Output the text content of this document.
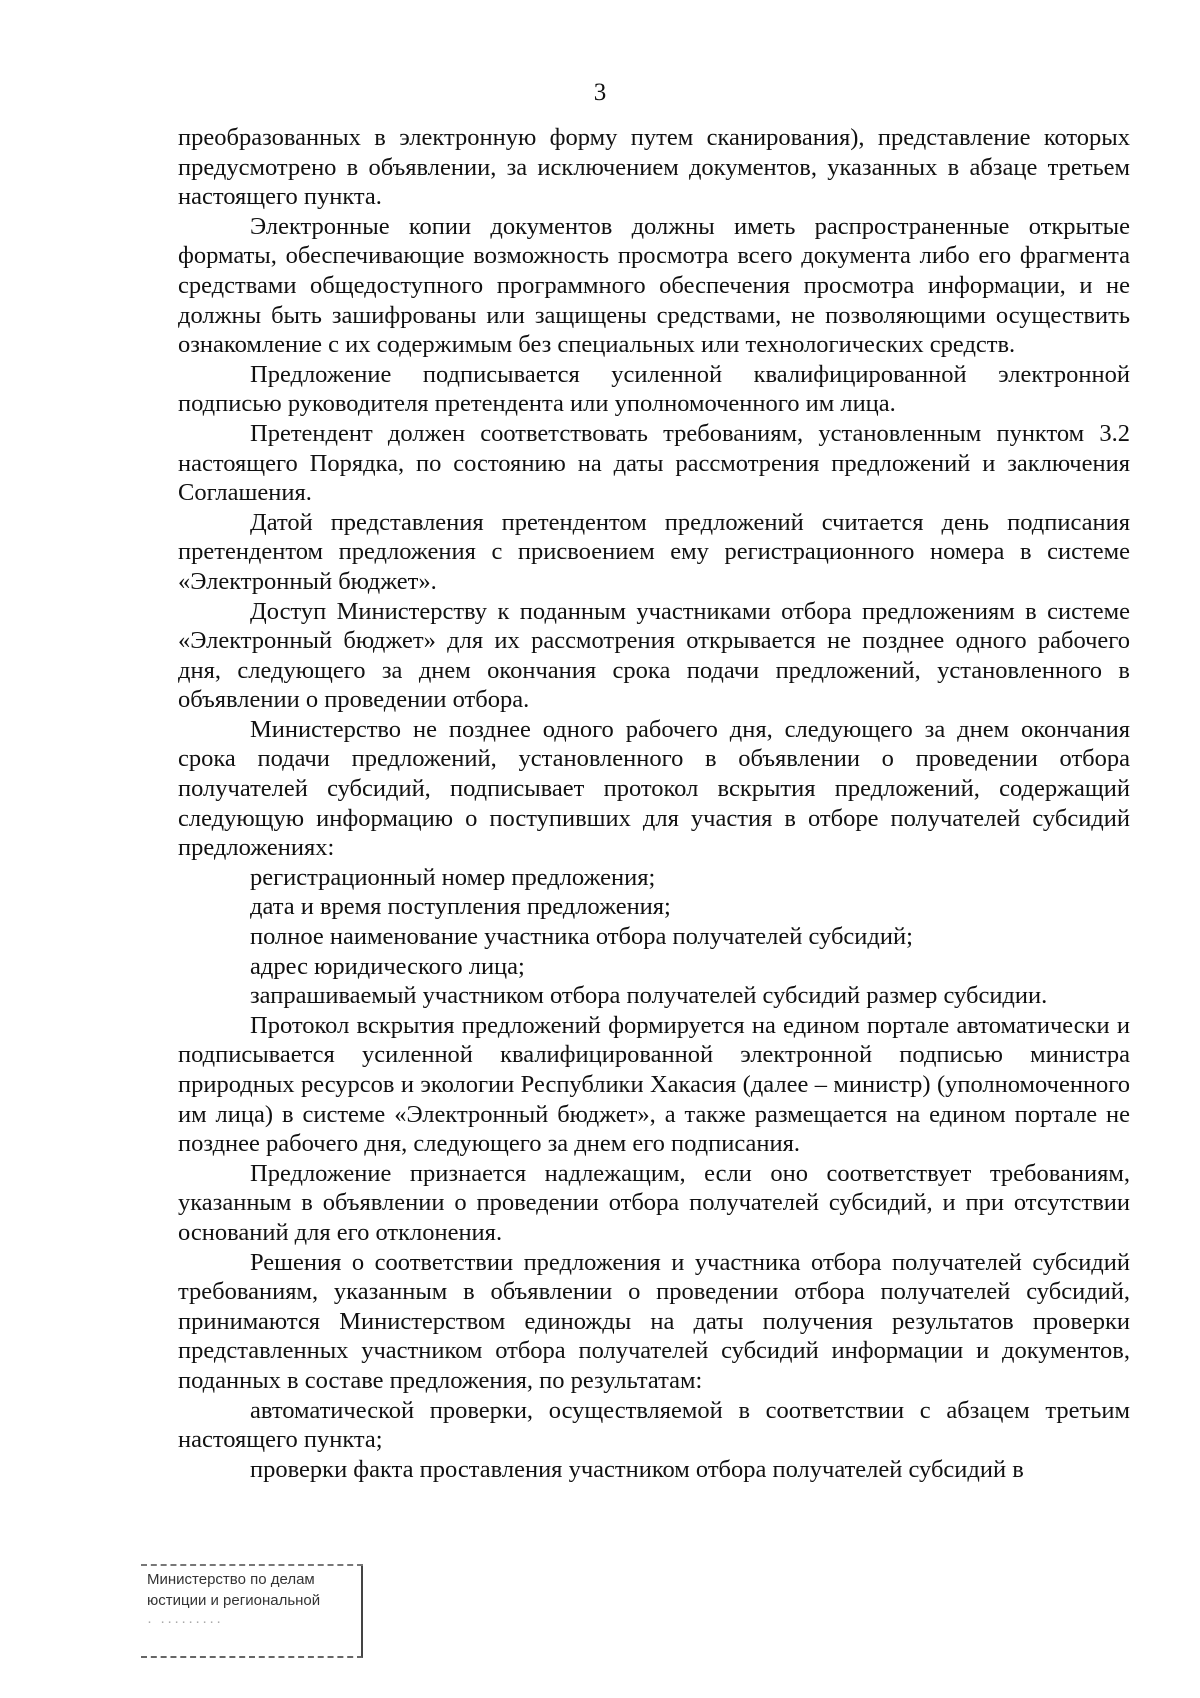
3

преобразованных в электронную форму путем сканирования), представление которых предусмотрено в объявлении, за исключением документов, указанных в абзаце третьем настоящего пункта.

Электронные копии документов должны иметь распространенные открытые форматы, обеспечивающие возможность просмотра всего документа либо его фрагмента средствами общедоступного программного обеспечения просмотра информации, и не должны быть зашифрованы или защищены средствами, не позволяющими осуществить ознакомление с их содержимым без специальных или технологических средств.

Предложение подписывается усиленной квалифицированной электронной подписью руководителя претендента или уполномоченного им лица.

Претендент должен соответствовать требованиям, установленным пунктом 3.2 настоящего Порядка, по состоянию на даты рассмотрения предложений и заключения Соглашения.

Датой представления претендентом предложений считается день подписания претендентом предложения с присвоением ему регистрационного номера в системе «Электронный бюджет».

Доступ Министерству к поданным участниками отбора предложениям в системе «Электронный бюджет» для их рассмотрения открывается не позднее одного рабочего дня, следующего за днем окончания срока подачи предложений, установленного в объявлении о проведении отбора.

Министерство не позднее одного рабочего дня, следующего за днем окончания срока подачи предложений, установленного в объявлении о проведении отбора получателей субсидий, подписывает протокол вскрытия предложений, содержащий следующую информацию о поступивших для участия в отборе получателей субсидий предложениях:

регистрационный номер предложения;

дата и время поступления предложения;

полное наименование участника отбора получателей субсидий;

адрес юридического лица;

запрашиваемый участником отбора получателей субсидий размер субсидии.

Протокол вскрытия предложений формируется на едином портале автоматически и подписывается усиленной квалифицированной электронной подписью министра природных ресурсов и экологии Республики Хакасия (далее – министр) (уполномоченного им лица) в системе «Электронный бюджет», а также размещается на едином портале не позднее рабочего дня, следующего за днем его подписания.

Предложение признается надлежащим, если оно соответствует требованиям, указанным в объявлении о проведении отбора получателей субсидий, и при отсутствии оснований для его отклонения.

Решения о соответствии предложения и участника отбора получателей субсидий требованиям, указанным в объявлении о проведении отбора получателей субсидий, принимаются Министерством единожды на даты получения результатов проверки представленных участником отбора получателей субсидий информации и документов, поданных в составе предложения, по результатам:

автоматической проверки, осуществляемой в соответствии с абзацем третьим настоящего пункта;

проверки факта проставления участником отбора получателей субсидий в

Министерство по делам
юстиции и региональной
· ·········
